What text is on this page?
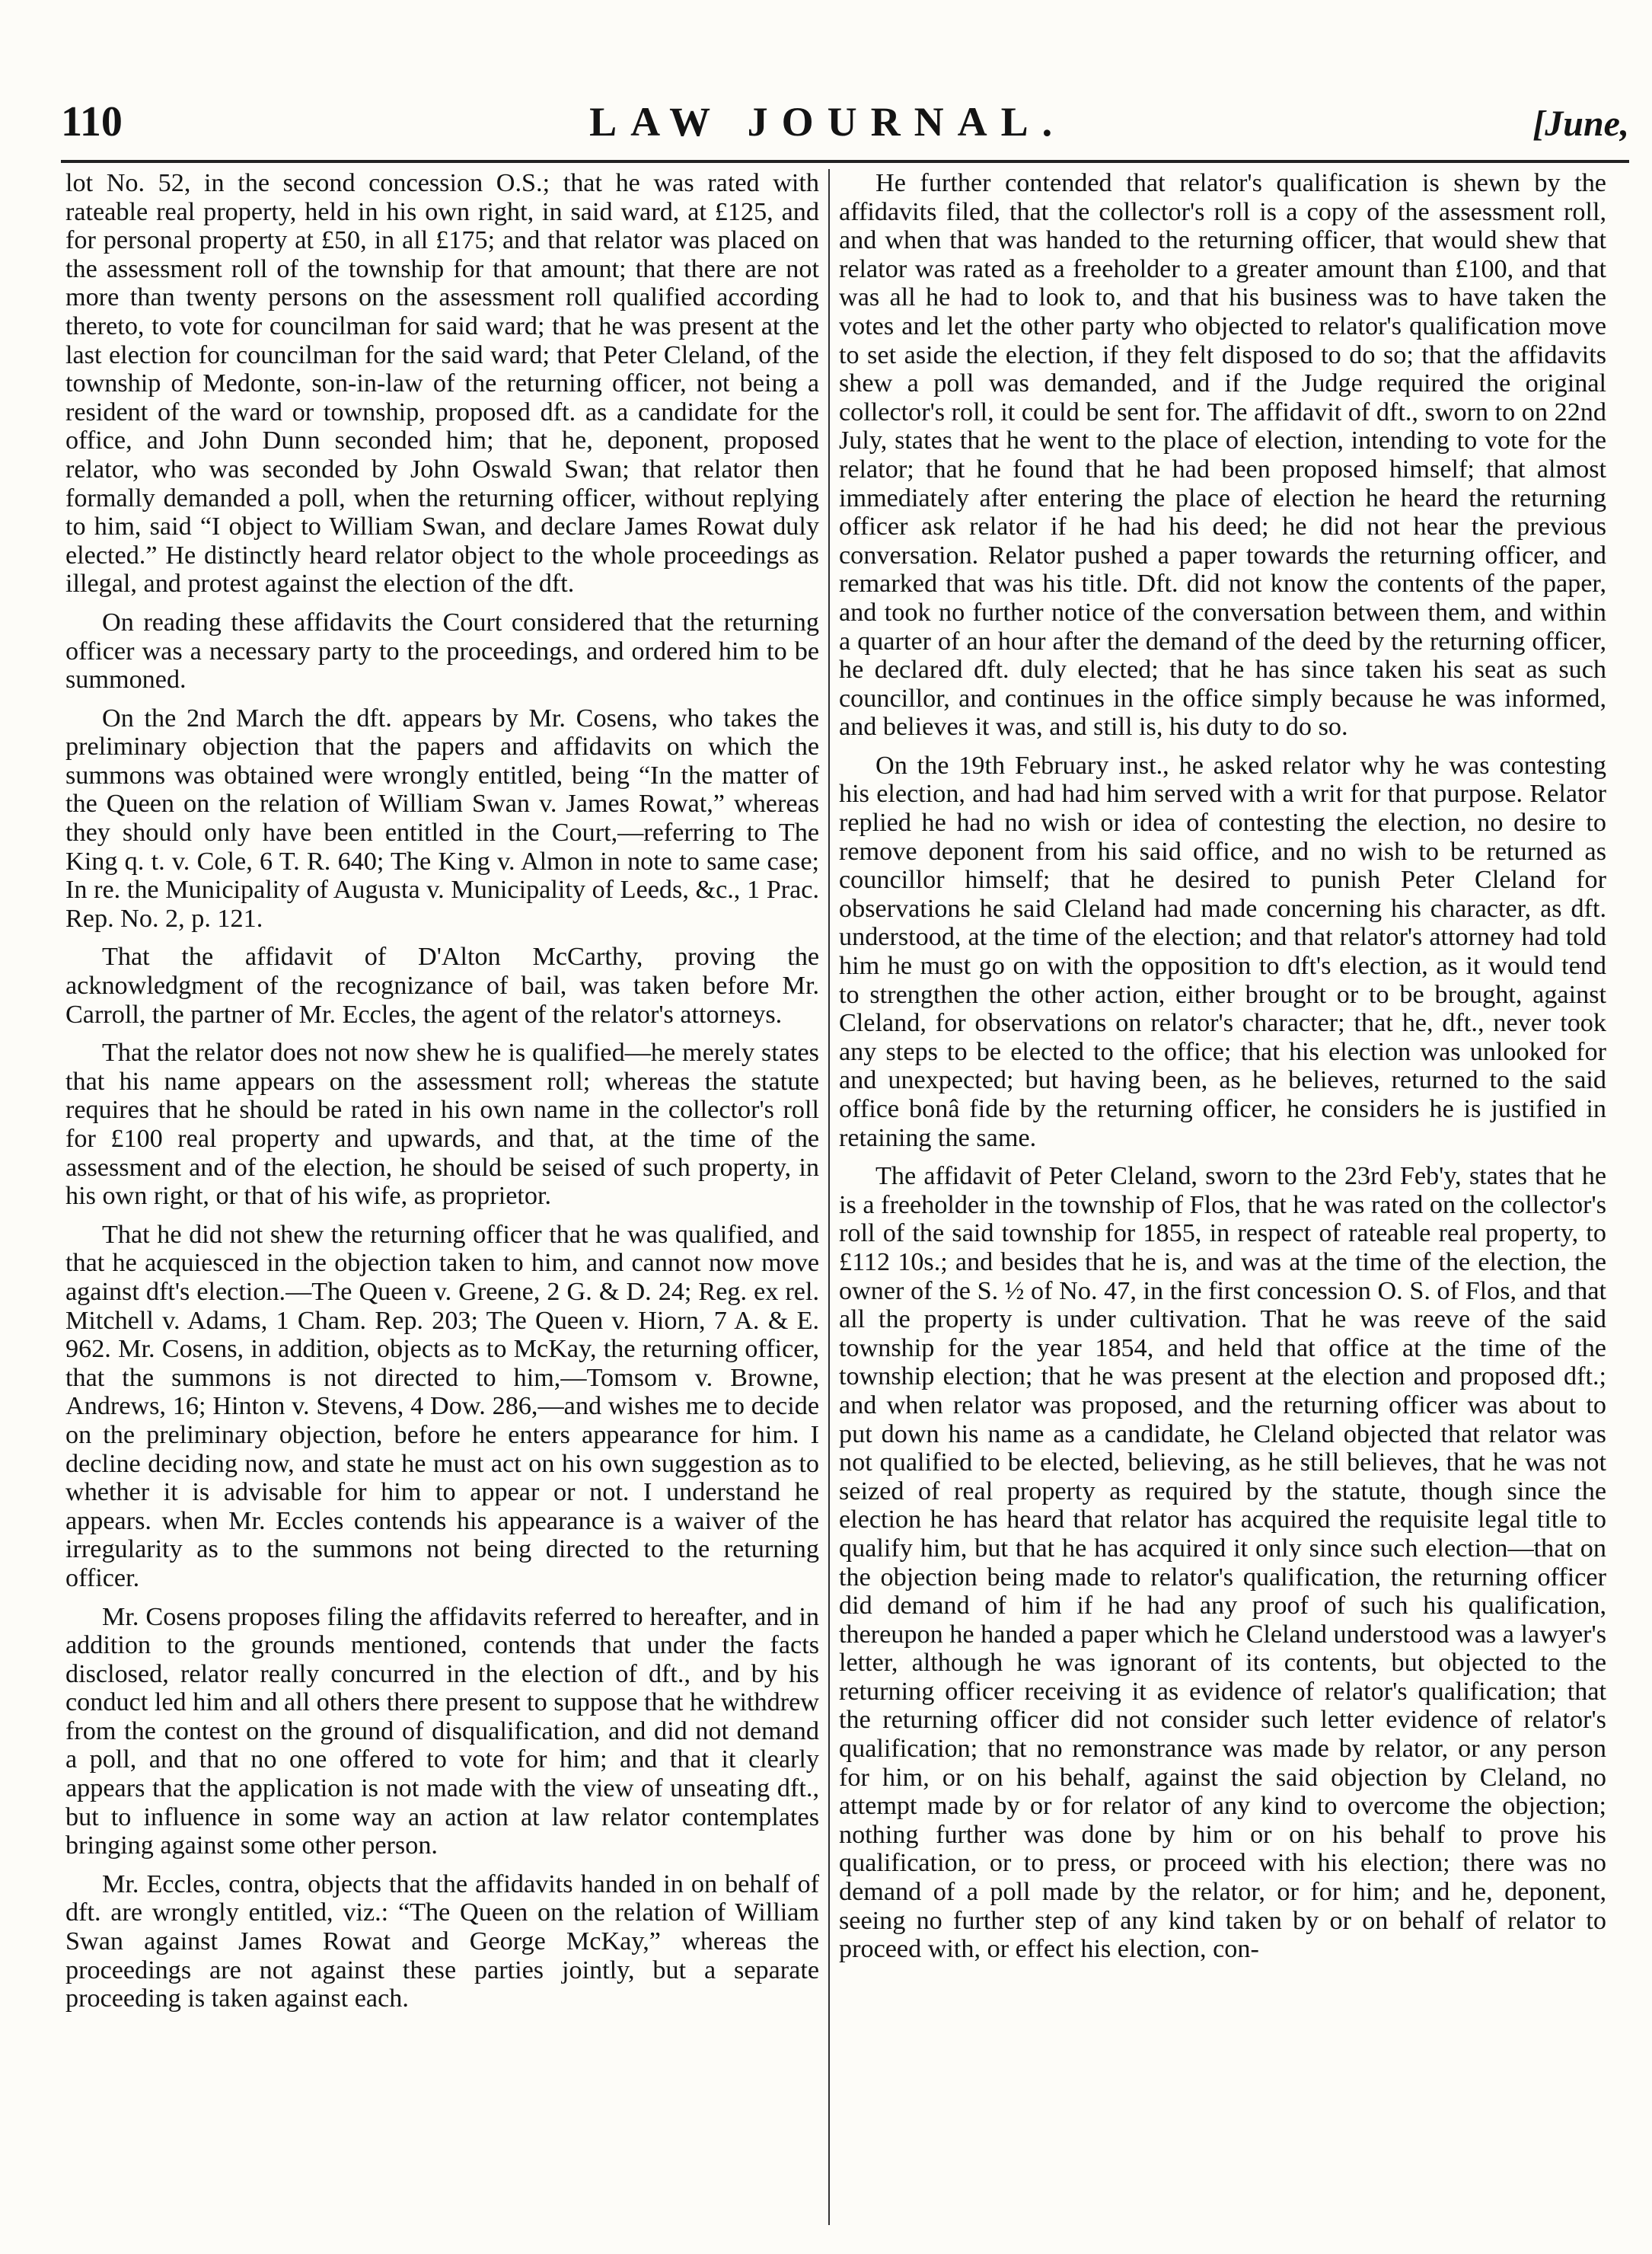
110	LAW JOURNAL.	[June,

lot No. 52, in the second concession O.S.; that he was rated with rateable real property, held in his own right, in said ward, at £125, and for personal property at £50, in all £175; and that relator was placed on the assessment roll of the township for that amount; that there are not more than twenty persons on the assessment roll qualified according thereto, to vote for councilman for said ward; that he was present at the last election for councilman for the said ward; that Peter Cleland, of the township of Medonte, son-in-law of the returning officer, not being a resident of the ward or township, proposed dft. as a candidate for the office, and John Dunn seconded him; that he, deponent, proposed relator, who was seconded by John Oswald Swan; that relator then formally demanded a poll, when the returning officer, without replying to him, said “I object to William Swan, and declare James Rowat duly elected.” He distinctly heard relator object to the whole proceedings as illegal, and protest against the election of the dft.

On reading these affidavits the Court considered that the returning officer was a necessary party to the proceedings, and ordered him to be summoned.

On the 2nd March the dft. appears by Mr. Cosens, who takes the preliminary objection that the papers and affidavits on which the summons was obtained were wrongly entitled, being “In the matter of the Queen on the relation of William Swan v. James Rowat,” whereas they should only have been entitled in the Court,—referring to The King q. t. v. Cole, 6 T. R. 640; The King v. Almon in note to same case; In re. the Municipality of Augusta v. Municipality of Leeds, &c., 1 Prac. Rep. No. 2, p. 121.

That the affidavit of D'Alton McCarthy, proving the acknowledgment of the recognizance of bail, was taken before Mr. Carroll, the partner of Mr. Eccles, the agent of the relator's attorneys.

That the relator does not now shew he is qualified—he merely states that his name appears on the assessment roll; whereas the statute requires that he should be rated in his own name in the collector's roll for £100 real property and upwards, and that, at the time of the assessment and of the election, he should be seised of such property, in his own right, or that of his wife, as proprietor.

That he did not shew the returning officer that he was qualified, and that he acquiesced in the objection taken to him, and cannot now move against dft's election.—The Queen v. Greene, 2 G. & D. 24; Reg. ex rel. Mitchell v. Adams, 1 Cham. Rep. 203; The Queen v. Hiorn, 7 A. & E. 962. Mr. Cosens, in addition, objects as to McKay, the returning officer, that the summons is not directed to him,—Tomsom v. Browne, Andrews, 16; Hinton v. Stevens, 4 Dow. 286,—and wishes me to decide on the preliminary objection, before he enters appearance for him. I decline deciding now, and state he must act on his own suggestion as to whether it is advisable for him to appear or not. I understand he appears. when Mr. Eccles contends his appearance is a waiver of the irregularity as to the summons not being directed to the returning officer.

Mr. Cosens proposes filing the affidavits referred to hereafter, and in addition to the grounds mentioned, contends that under the facts disclosed, relator really concurred in the election of dft., and by his conduct led him and all others there present to suppose that he withdrew from the contest on the ground of disqualification, and did not demand a poll, and that no one offered to vote for him; and that it clearly appears that the application is not made with the view of unseating dft., but to influence in some way an action at law relator contemplates bringing against some other person.

Mr. Eccles, contra, objects that the affidavits handed in on behalf of dft. are wrongly entitled, viz.: “The Queen on the relation of William Swan against James Rowat and George McKay,” whereas the proceedings are not against these parties jointly, but a separate proceeding is taken against each.

He further contended that relator's qualification is shewn by the affidavits filed, that the collector's roll is a copy of the assessment roll, and when that was handed to the returning officer, that would shew that relator was rated as a freeholder to a greater amount than £100, and that was all he had to look to, and that his business was to have taken the votes and let the other party who objected to relator's qualification move to set aside the election, if they felt disposed to do so; that the affidavits shew a poll was demanded, and if the Judge required the original collector's roll, it could be sent for. The affidavit of dft., sworn to on 22nd July, states that he went to the place of election, intending to vote for the relator; that he found that he had been proposed himself; that almost immediately after entering the place of election he heard the returning officer ask relator if he had his deed; he did not hear the previous conversation. Relator pushed a paper towards the returning officer, and remarked that was his title. Dft. did not know the contents of the paper, and took no further notice of the conversation between them, and within a quarter of an hour after the demand of the deed by the returning officer, he declared dft. duly elected; that he has since taken his seat as such councillor, and continues in the office simply because he was informed, and believes it was, and still is, his duty to do so.

On the 19th February inst., he asked relator why he was contesting his election, and had had him served with a writ for that purpose. Relator replied he had no wish or idea of contesting the election, no desire to remove deponent from his said office, and no wish to be returned as councillor himself; that he desired to punish Peter Cleland for observations he said Cleland had made concerning his character, as dft. understood, at the time of the election; and that relator's attorney had told him he must go on with the opposition to dft's election, as it would tend to strengthen the other action, either brought or to be brought, against Cleland, for observations on relator's character; that he, dft., never took any steps to be elected to the office; that his election was unlooked for and unexpected; but having been, as he believes, returned to the said office bonâ fide by the returning officer, he considers he is justified in retaining the same.

The affidavit of Peter Cleland, sworn to the 23rd Feb'y, states that he is a freeholder in the township of Flos, that he was rated on the collector's roll of the said township for 1855, in respect of rateable real property, to £112 10s.; and besides that he is, and was at the time of the election, the owner of the S. ½ of No. 47, in the first concession O. S. of Flos, and that all the property is under cultivation. That he was reeve of the said township for the year 1854, and held that office at the time of the township election; that he was present at the election and proposed dft.; and when relator was proposed, and the returning officer was about to put down his name as a candidate, he Cleland objected that relator was not qualified to be elected, believing, as he still believes, that he was not seized of real property as required by the statute, though since the election he has heard that relator has acquired the requisite legal title to qualify him, but that he has acquired it only since such election—that on the objection being made to relator's qualification, the returning officer did demand of him if he had any proof of such his qualification, thereupon he handed a paper which he Cleland understood was a lawyer's letter, although he was ignorant of its contents, but objected to the returning officer receiving it as evidence of relator's qualification; that the returning officer did not consider such letter evidence of relator's qualification; that no remonstrance was made by relator, or any person for him, or on his behalf, against the said objection by Cleland, no attempt made by or for relator of any kind to overcome the objection; nothing further was done by him or on his behalf to prove his qualification, or to press, or proceed with his election; there was no demand of a poll made by the relator, or for him; and he, deponent, seeing no further step of any kind taken by or on behalf of relator to proceed with, or effect his election, con-
